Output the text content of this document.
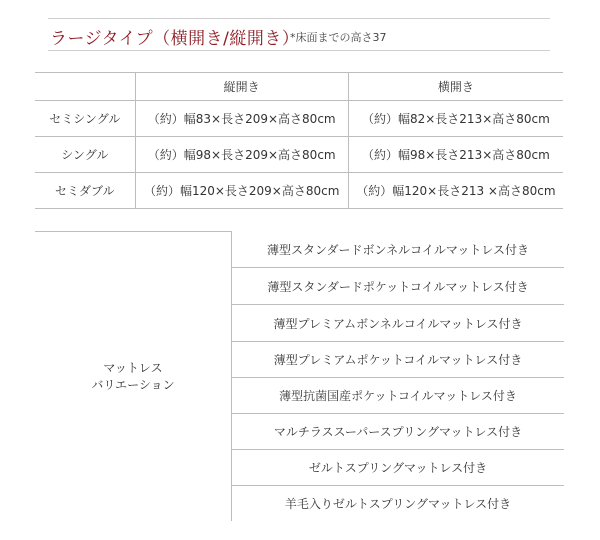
ラージタイプ（横開き/縦開き）
*床面までの高さ37
	縦開き	横開き
セミシングル	（約）幅83×長さ209×高さ80cm	（約）幅82×長さ213×高さ80cm
シングル	（約）幅98×長さ209×高さ80cm	（約）幅98×長さ213×高さ80cm
セミダブル	（約）幅120×長さ209×高さ80cm	（約）幅120×長さ213 ×高さ80cm
マットレス
バリエーション
薄型スタンダードボンネルコイルマットレス付き
薄型スタンダードポケットコイルマットレス付き
薄型プレミアムボンネルコイルマットレス付き
薄型プレミアムポケットコイルマットレス付き
薄型抗菌国産ポケットコイルマットレス付き
マルチラススーパースプリングマットレス付き
ゼルトスプリングマットレス付き
羊毛入りゼルトスプリングマットレス付き
